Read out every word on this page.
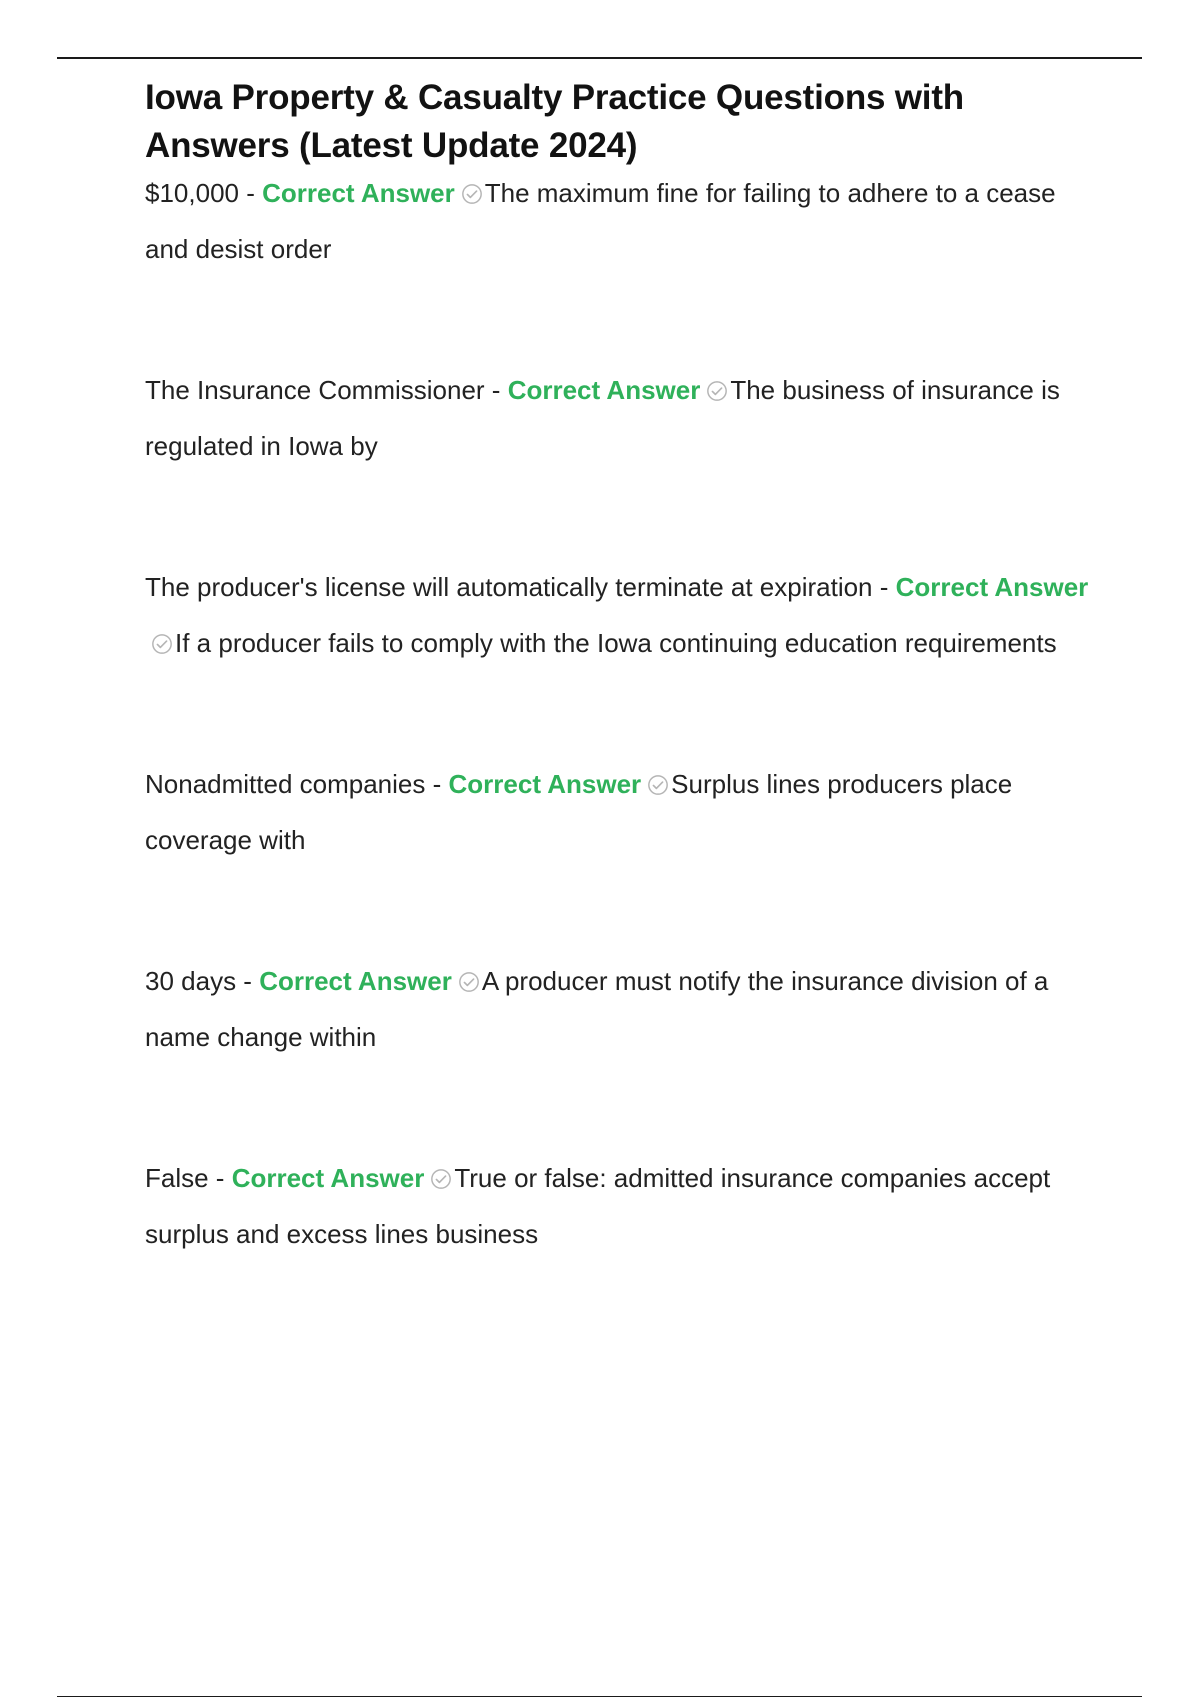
Iowa Property & Casualty Practice Questions with Answers (Latest Update 2024)

$10,000 - Correct Answer The maximum fine for failing to adhere to a cease and desist order

The Insurance Commissioner - Correct Answer The business of insurance is regulated in Iowa by

The producer's license will automatically terminate at expiration - Correct AnswerIf a producer fails to comply with the Iowa continuing education requirements

Nonadmitted companies - Correct Answer Surplus lines producers place coverage with

30 days - Correct Answer A producer must notify the insurance division of a name change within

False - Correct Answer True or false: admitted insurance companies accept surplus and excess lines business
